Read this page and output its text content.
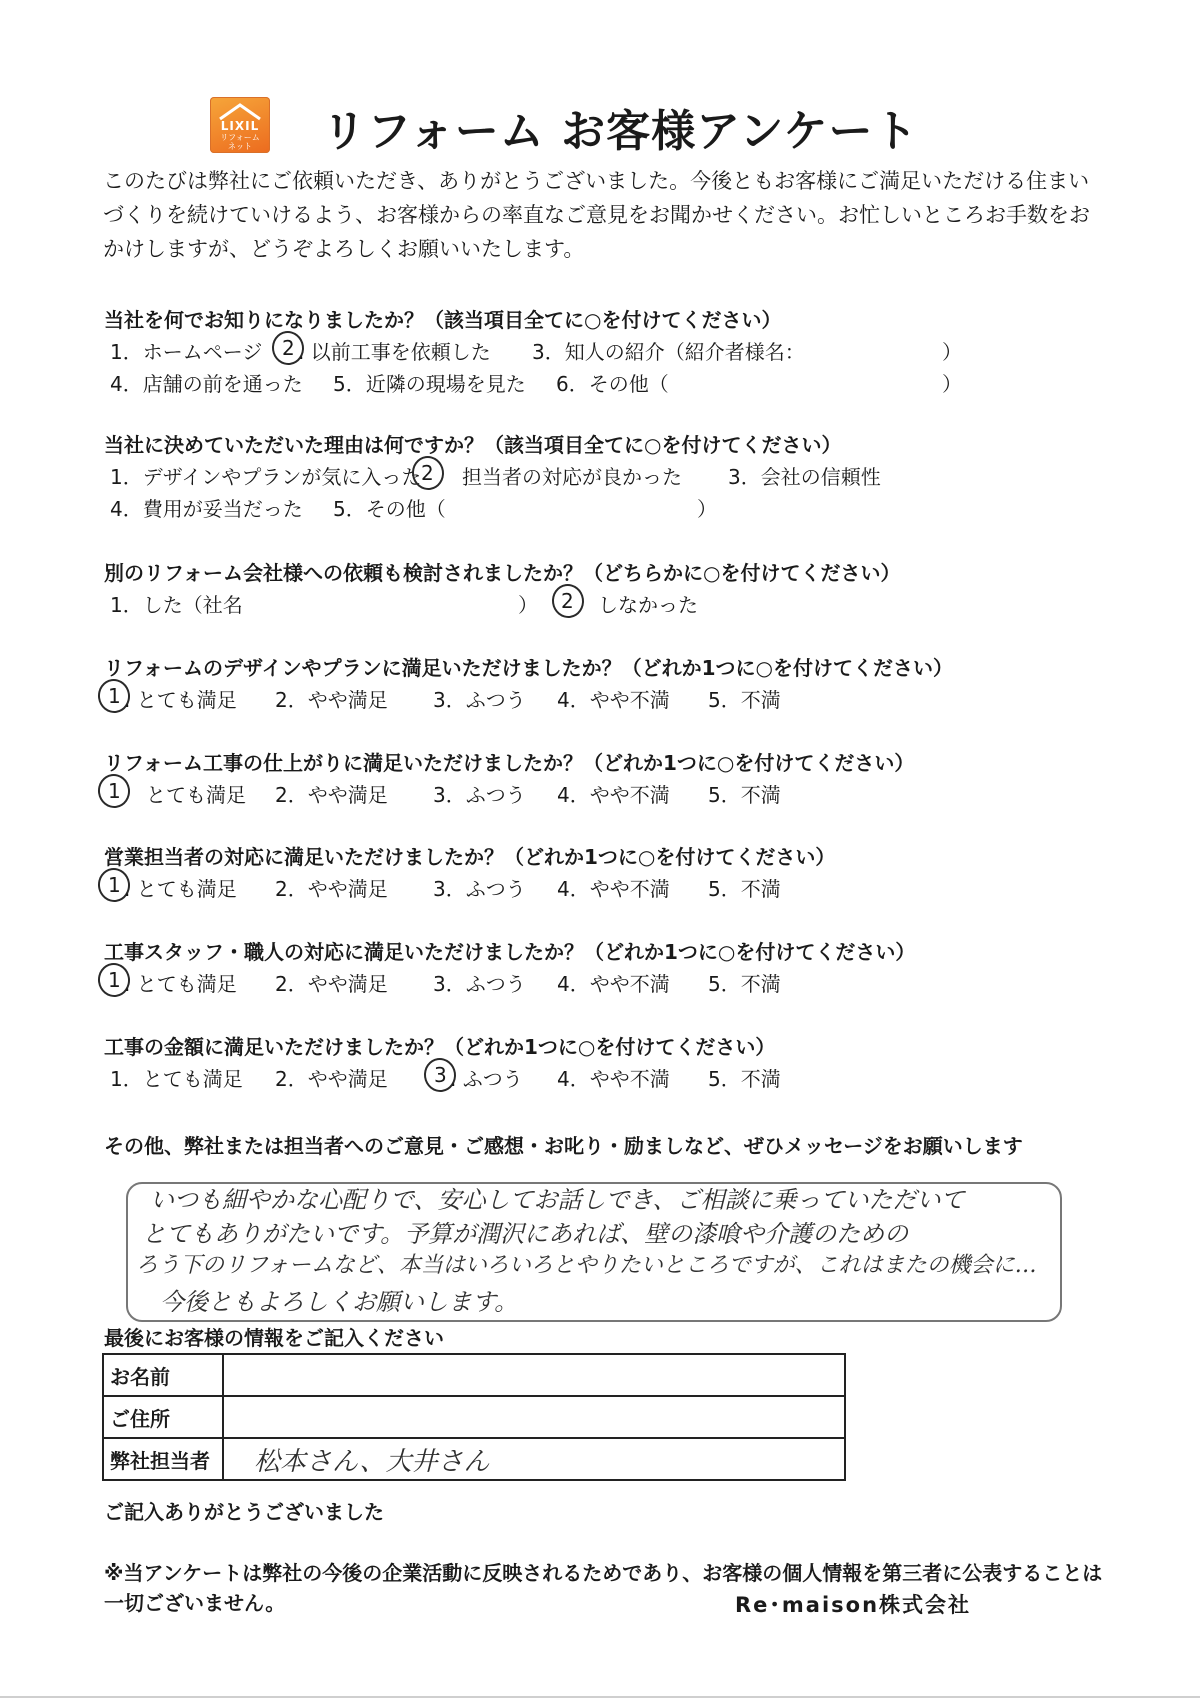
LIXIL
リフォーム
ネット	リフォーム お客様アンケート
このたびは弊社にご依頼いただき、ありがとうございました。今後ともお客様にご満足いただける住まいづくりを続けていけるよう、お客様からの率直なご意見をお聞かせください。お忙しいところお手数をおかけしますが、どうぞよろしくお願いいたします。
当社を何でお知りになりましたか？（該当項目全てに○を付けてください）
1．ホームページ 2 . 以前工事を依頼した 3．知人の紹介（紹介者様名：	）
4．店舗の前を通った 5．近隣の現場を見た 6．その他（	）
当社に決めていただいた理由は何ですか？（該当項目全てに○を付けてください）
1．デザインやプランが気に入った 2 担当者の対応が良かった 3．会社の信頼性
4．費用が妥当だった 5．その他（	）
別のリフォーム会社様への依頼も検討されましたか？（どちらかに○を付けてください）
1．した（社名	） 2 しなかった
リフォームのデザインやプランに満足いただけましたか？（どれか1つに○を付けてください）
1 . とても満足 2．やや満足 3．ふつう 4．やや不満 5．不満
リフォーム工事の仕上がりに満足いただけましたか？（どれか1つに○を付けてください）
1 とても満足 2．やや満足 3．ふつう 4．やや不満 5．不満
営業担当者の対応に満足いただけましたか？（どれか1つに○を付けてください）
1 . とても満足 2．やや満足 3．ふつう 4．やや不満 5．不満
工事スタッフ・職人の対応に満足いただけましたか？（どれか1つに○を付けてください）
1 . とても満足 2．やや満足 3．ふつう 4．やや不満 5．不満
工事の金額に満足いただけましたか？（どれか1つに○を付けてください）
1．とても満足 2．やや満足 3 . ふつう 4．やや不満 5．不満
その他、弊社または担当者へのご意見・ご感想・お叱り・励ましなど、ぜひメッセージをお願いします
いつも細やかな心配りで、安心してお話しでき、ご相談に乗っていただいて
とてもありがたいです。予算が潤沢にあれば、壁の漆喰や介護のための
ろう下のリフォームなど、本当はいろいろとやりたいところですが、これはまたの機会に…
今後ともよろしくお願いします。
最後にお客様の情報をご記入ください
お名前	
ご住所	
弊社担当者	松本さん、大井さん
ご記入ありがとうございました
※当アンケートは弊社の今後の企業活動に反映されるためであり、お客様の個人情報を第三者に公表することは一切ございません。	Re･maison株式会社
